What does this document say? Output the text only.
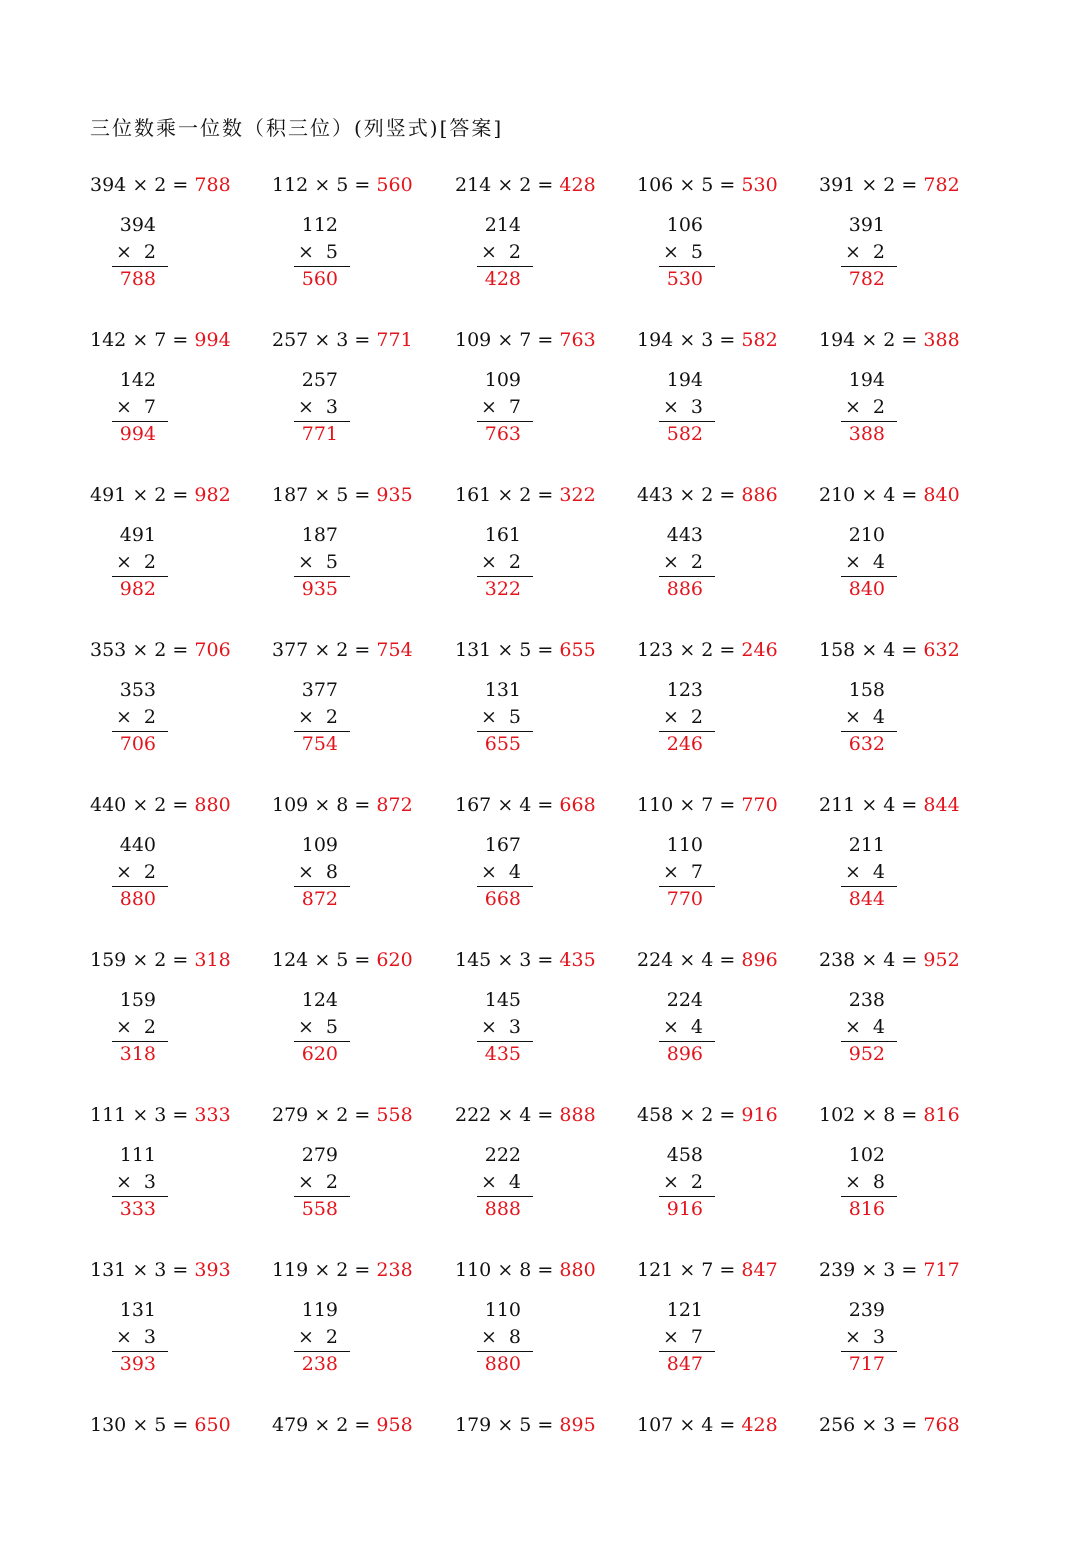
三位数乘一位数（积三位）(列竖式)[答案]
394 × 2 = 788
394
× 2
788
112 × 5 = 560
112
× 5
560
214 × 2 = 428
214
× 2
428
106 × 5 = 530
106
× 5
530
391 × 2 = 782
391
× 2
782
142 × 7 = 994
142
× 7
994
257 × 3 = 771
257
× 3
771
109 × 7 = 763
109
× 7
763
194 × 3 = 582
194
× 3
582
194 × 2 = 388
194
× 2
388
491 × 2 = 982
491
× 2
982
187 × 5 = 935
187
× 5
935
161 × 2 = 322
161
× 2
322
443 × 2 = 886
443
× 2
886
210 × 4 = 840
210
× 4
840
353 × 2 = 706
353
× 2
706
377 × 2 = 754
377
× 2
754
131 × 5 = 655
131
× 5
655
123 × 2 = 246
123
× 2
246
158 × 4 = 632
158
× 4
632
440 × 2 = 880
440
× 2
880
109 × 8 = 872
109
× 8
872
167 × 4 = 668
167
× 4
668
110 × 7 = 770
110
× 7
770
211 × 4 = 844
211
× 4
844
159 × 2 = 318
159
× 2
318
124 × 5 = 620
124
× 5
620
145 × 3 = 435
145
× 3
435
224 × 4 = 896
224
× 4
896
238 × 4 = 952
238
× 4
952
111 × 3 = 333
111
× 3
333
279 × 2 = 558
279
× 2
558
222 × 4 = 888
222
× 4
888
458 × 2 = 916
458
× 2
916
102 × 8 = 816
102
× 8
816
131 × 3 = 393
131
× 3
393
119 × 2 = 238
119
× 2
238
110 × 8 = 880
110
× 8
880
121 × 7 = 847
121
× 7
847
239 × 3 = 717
239
× 3
717
130 × 5 = 650 479 × 2 = 958 179 × 5 = 895 107 × 4 = 428 256 × 3 = 768
